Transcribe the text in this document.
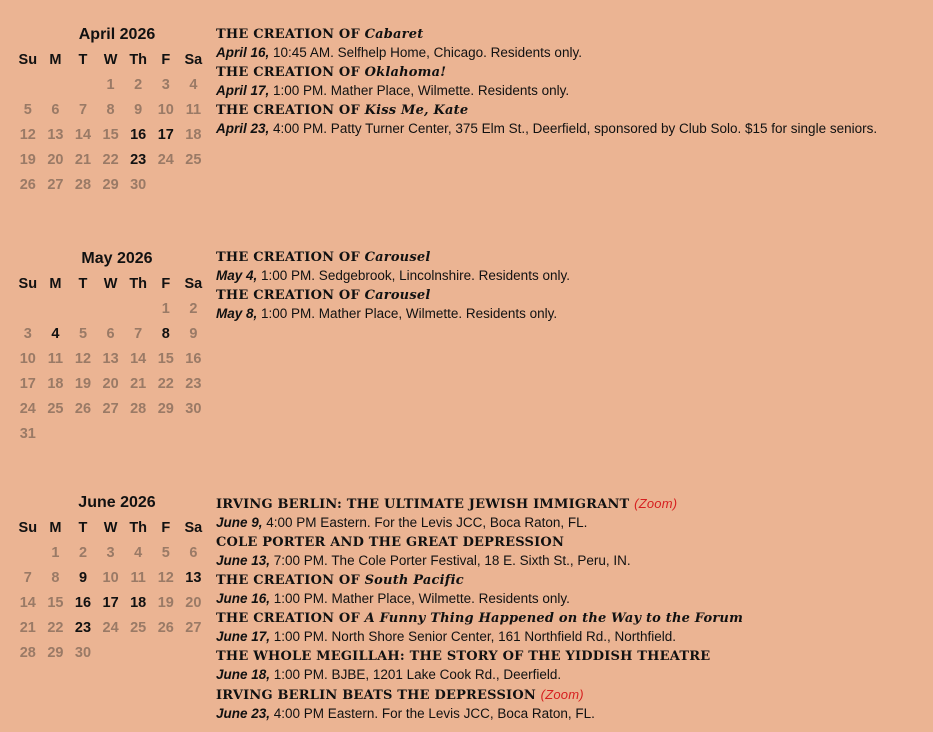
April 2026
Su	M	T	W	Th	F	Sa
			1	2	3	4
5	6	7	8	9	10	11
12	13	14	15	16	17	18
19	20	21	22	23	24	25
26	27	28	29	30		
THE CREATION OF Cabaret
April 16, 10:45 AM. Selfhelp Home, Chicago. Residents only.
THE CREATION OF Oklahoma!
April 17, 1:00 PM. Mather Place, Wilmette. Residents only.
THE CREATION OF Kiss Me, Kate
April 23, 4:00 PM. Patty Turner Center, 375 Elm St., Deerfield, sponsored by Club Solo. $15 for single seniors.
May 2026
Su	M	T	W	Th	F	Sa
					1	2
3	4	5	6	7	8	9
10	11	12	13	14	15	16
17	18	19	20	21	22	23
24	25	26	27	28	29	30
31						
THE CREATION OF Carousel
May 4, 1:00 PM. Sedgebrook, Lincolnshire. Residents only.
THE CREATION OF Carousel
May 8, 1:00 PM. Mather Place, Wilmette. Residents only.
June 2026
Su	M	T	W	Th	F	Sa
	1	2	3	4	5	6
7	8	9	10	11	12	13
14	15	16	17	18	19	20
21	22	23	24	25	26	27
28	29	30				
IRVING BERLIN: THE ULTIMATE JEWISH IMMIGRANT (Zoom)
June 9, 4:00 PM Eastern. For the Levis JCC, Boca Raton, FL.
COLE PORTER AND THE GREAT DEPRESSION
June 13, 7:00 PM. The Cole Porter Festival, 18 E. Sixth St., Peru, IN.
THE CREATION OF South Pacific
June 16, 1:00 PM. Mather Place, Wilmette. Residents only.
THE CREATION OF A Funny Thing Happened on the Way to the Forum
June 17, 1:00 PM. North Shore Senior Center, 161 Northfield Rd., Northfield.
THE WHOLE MEGILLAH: THE STORY OF THE YIDDISH THEATRE
June 18, 1:00 PM. BJBE, 1201 Lake Cook Rd., Deerfield.
IRVING BERLIN BEATS THE DEPRESSION (Zoom)
June 23, 4:00 PM Eastern. For the Levis JCC, Boca Raton, FL.
